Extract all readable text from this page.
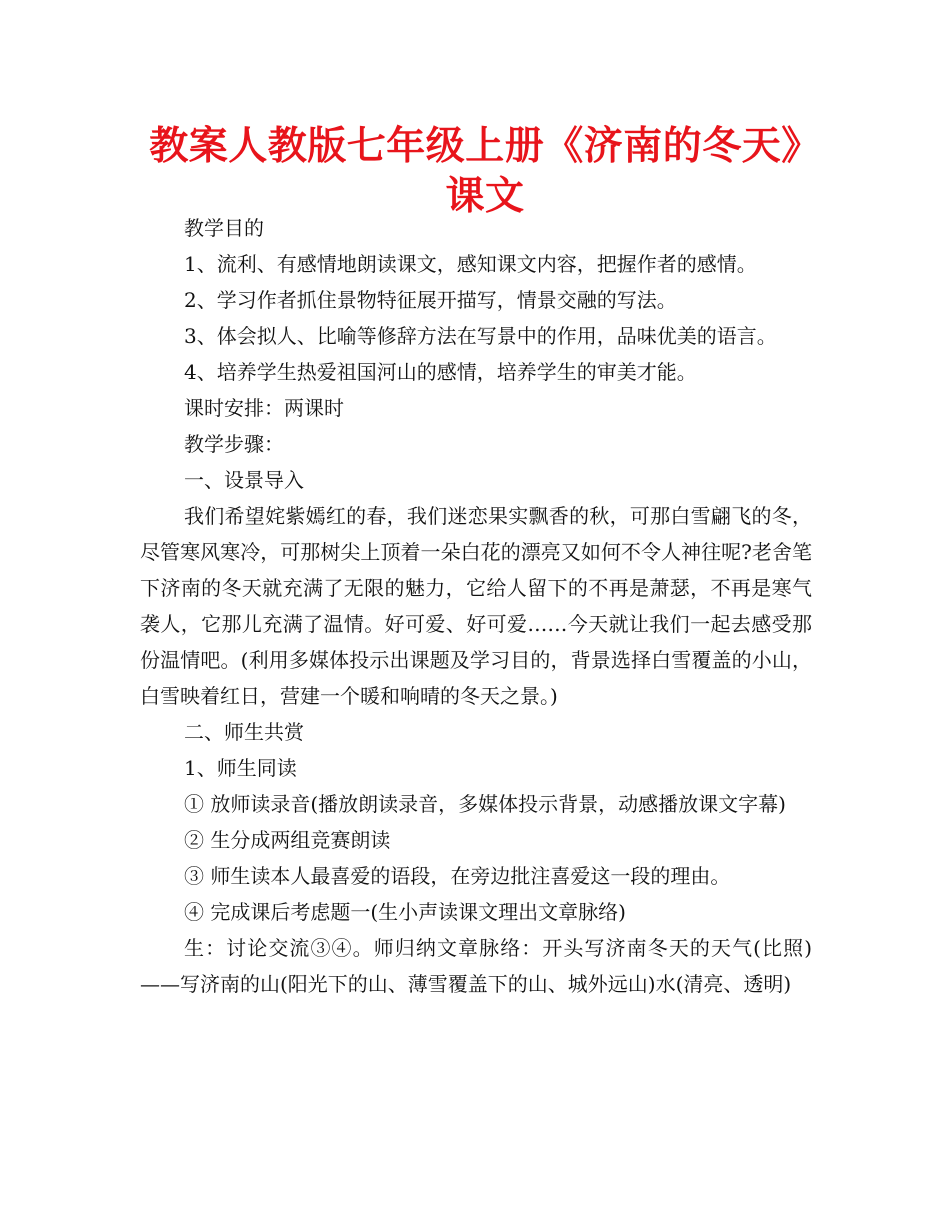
教案人教版七年级上册《济南的冬天》课文

教学目的

1、流利、有感情地朗读课文，感知课文内容，把握作者的感情。

2、学习作者抓住景物特征展开描写，情景交融的写法。

3、体会拟人、比喻等修辞方法在写景中的作用，品味优美的语言。

4、培养学生热爱祖国河山的感情，培养学生的审美才能。

课时安排：两课时

教学步骤：

一、设景导入

我们希望姹紫嫣红的春，我们迷恋果实飘香的秋，可那白雪翩飞的冬，尽管寒风寒冷，可那树尖上顶着一朵白花的漂亮又如何不令人神往呢?老舍笔下济南的冬天就充满了无限的魅力，它给人留下的不再是萧瑟，不再是寒气袭人，它那儿充满了温情。好可爱、好可爱……今天就让我们一起去感受那份温情吧。(利用多媒体投示出课题及学习目的，背景选择白雪覆盖的小山，白雪映着红日，营建一个暖和响晴的冬天之景。)

二、师生共赏

1、师生同读

① 放师读录音(播放朗读录音，多媒体投示背景，动感播放课文字幕)

② 生分成两组竞赛朗读

③ 师生读本人最喜爱的语段，在旁边批注喜爱这一段的理由。

④ 完成课后考虑题一(生小声读课文理出文章脉络)

生：讨论交流③④。师归纳文章脉络：开头写济南冬天的天气(比照)——写济南的山(阳光下的山、薄雪覆盖下的山、城外远山)水(清亮、透明)
